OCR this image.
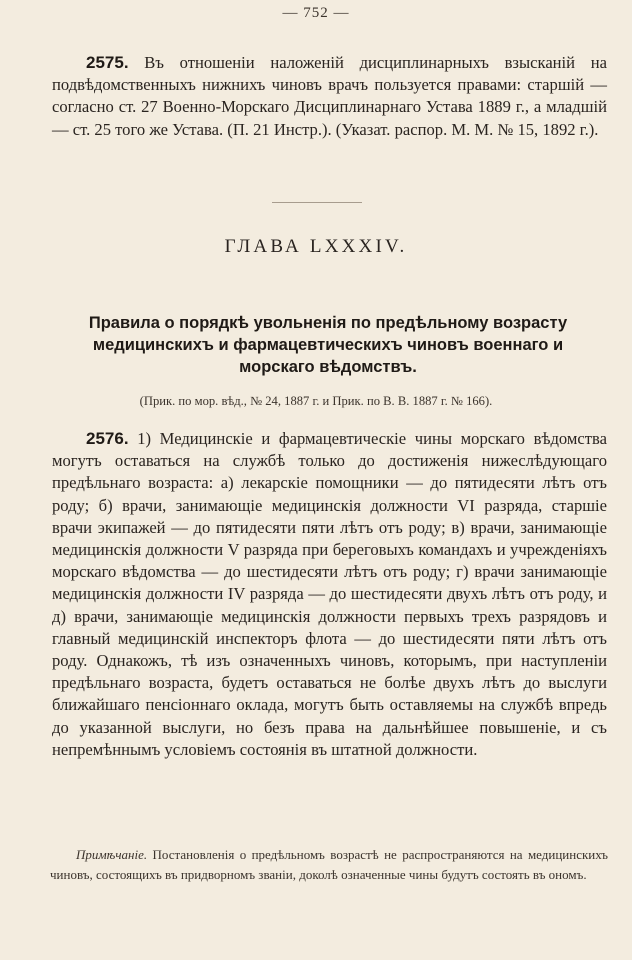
— 752 —
2575. Въ отношеніи наложеній дисциплинарныхъ взысканій на подвѣдомственныхъ нижнихъ чиновъ врачъ пользуется правами: старшій — согласно ст. 27 Военно-Морскаго Дисциплинарнаго Устава 1889 г., а младшій — ст. 25 того же Устава. (П. 21 Инстр.). (Указат. распор. М. М. № 15, 1892 г.).
ГЛАВА LXXXIV.
Правила о порядкѣ увольненія по предѣльному возрасту медицинскихъ и фармацевтическихъ чиновъ военнаго и морскаго вѣдомствъ.
(Прик. по мор. вѣд., № 24, 1887 г. и Прик. по В. В. 1887 г. № 166).
2576. 1) Медицинскіе и фармацевтическіе чины морскаго вѣдомства могутъ оставаться на службѣ только до достиженія нижеслѣдующаго предѣльнаго возраста: а) лекарскіе помощники — до пятидесяти лѣтъ отъ роду; б) врачи, занимающіе медицинскія должности VI разряда, старшіе врачи экипажей — до пятидесяти пяти лѣтъ отъ роду; в) врачи, занимающіе медицинскія должности V разряда при береговыхъ командахъ и учрежденіяхъ морскаго вѣдомства — до шестидесяти лѣтъ отъ роду; г) врачи занимающіе медицинскія должности IV разряда — до шестидесяти двухъ лѣтъ отъ роду, и д) врачи, занимающіе медицинскія должности первыхъ трехъ разрядовъ и главный медицинскій инспекторъ флота — до шестидесяти пяти лѣтъ отъ роду. Однакожъ, тѣ изъ означенныхъ чиновъ, которымъ, при наступленіи предѣльнаго возраста, будетъ оставаться не болѣе двухъ лѣтъ до выслуги ближайшаго пенсіоннаго оклада, могутъ быть оставляемы на службѣ впредь до указанной выслуги, но безъ права на дальнѣйшее повышеніе, и съ непремѣннымъ условіемъ состоянія въ штатной должности.
Примѣчаніе. Постановленія о предѣльномъ возрастѣ не распространяются на медицинскихъ чиновъ, состоящихъ въ придворномъ званіи, доколѣ означенные чины будутъ состоять въ ономъ.
